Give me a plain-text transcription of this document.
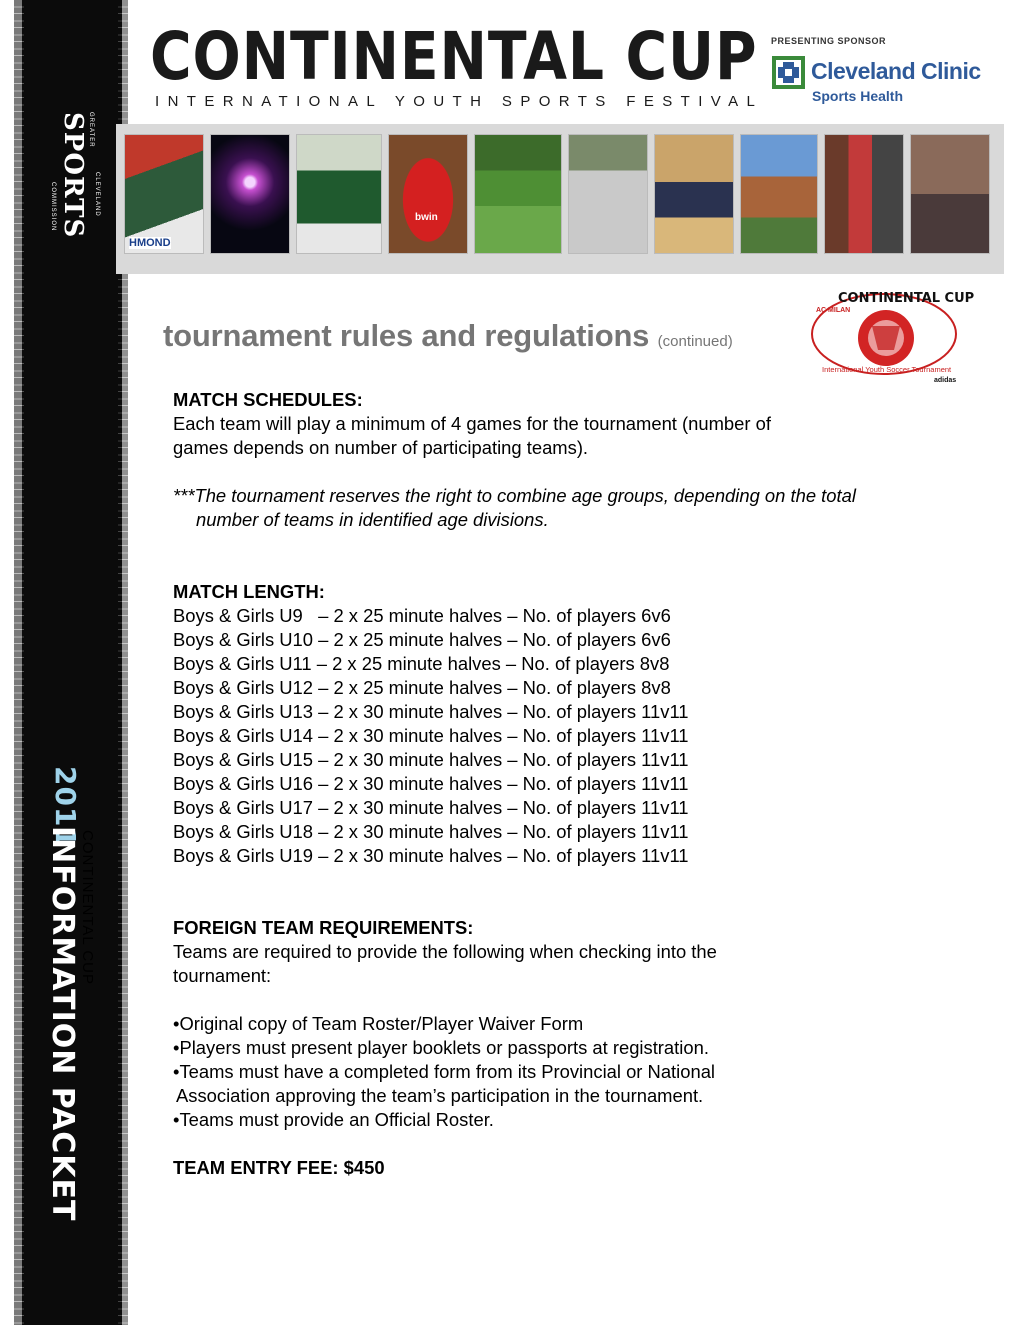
GREATER
SPORTS CLEVELAND
COMMISSION
2011
INFORMATION PACKET CONTINENTAL CUP
CONTINENTAL CUP
INTERNATIONAL YOUTH SPORTS FESTIVAL
PRESENTING SPONSOR
Cleveland Clinic
Sports Health
HMOND
bwin
AC MILAN
CONTINENTAL CUP
International Youth Soccer Tournament
adidas
tournament rules and regulations (continued)
MATCH SCHEDULES:
Each team will play a minimum of 4 games for the tournament (number of
games depends on number of participating teams).
***The tournament reserves the right to combine age groups, depending on the total number of teams in identified age divisions.
MATCH LENGTH:
Boys & Girls U9   – 2 x 25 minute halves – No. of players 6v6
Boys & Girls U10 – 2 x 25 minute halves – No. of players 6v6
Boys & Girls U11 – 2 x 25 minute halves – No. of players 8v8
Boys & Girls U12 – 2 x 25 minute halves – No. of players 8v8
Boys & Girls U13 – 2 x 30 minute halves – No. of players 11v11
Boys & Girls U14 – 2 x 30 minute halves – No. of players 11v11
Boys & Girls U15 – 2 x 30 minute halves – No. of players 11v11
Boys & Girls U16 – 2 x 30 minute halves – No. of players 11v11
Boys & Girls U17 – 2 x 30 minute halves – No. of players 11v11
Boys & Girls U18 – 2 x 30 minute halves – No. of players 11v11
Boys & Girls U19 – 2 x 30 minute halves – No. of players 11v11
FOREIGN TEAM REQUIREMENTS:
Teams are required to provide the following when checking into the
tournament:
•Original copy of Team Roster/Player Waiver Form
•Players must present player booklets or passports at registration.
•Teams must have a completed form from its Provincial or National
Association approving the team’s participation in the tournament.
•Teams must provide an Official Roster.
TEAM ENTRY FEE: $450
